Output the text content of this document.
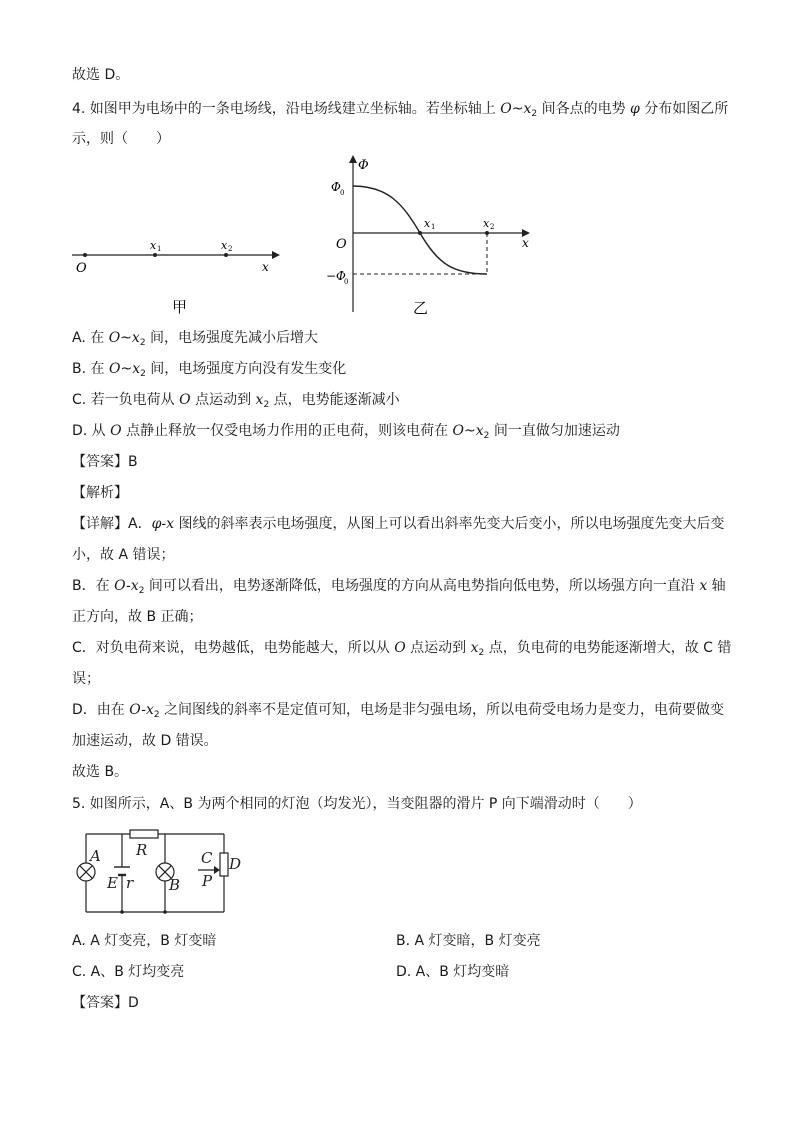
故选 D。
4. 如图甲为电场中的一条电场线，沿电场线建立坐标轴。若坐标轴上 $O\sim x_2$ 间各点的电势 φ 分布如图乙所
示，则（　　）
O
x 1	x 2
x
甲
Φ
Φ 0
O
−Φ
0
x 1	x 2
x
乙
A. 在 $O\sim x_2$ 间，电场强度先减小后增大
B. 在 $O\sim x_2$ 间，电场强度方向没有发生变化
C. 若一负电荷从 O 点运动到 $x_2$ 点，电势能逐渐减小
D. 从 O 点静止释放一仅受电场力作用的正电荷，则该电荷在 $O\sim x_2$ 间一直做匀加速运动
【答案】B
【解析】
【详解】A．φ-x 图线的斜率表示电场强度，从图上可以看出斜率先变大后变小，所以电场强度先变大后变
小，故 A 错误；
B．在 $O-x_2$ 间可以看出，电势逐渐降低，电场强度的方向从高电势指向低电势，所以场强方向一直沿 x 轴
正方向，故 B 正确；
C．对负电荷来说，电势越低，电势能越大，所以从 O 点运动到 $x_2$ 点，负电荷的电势能逐渐增大，故 C 错
误；
D．由在 $O-x_2$ 之间图线的斜率不是定值可知，电场是非匀强电场，所以电荷受电场力是变力，电荷要做变
加速运动，故 D 错误。
故选 B。
5. 如图所示，A、B 为两个相同的灯泡（均发光），当变阻器的滑片 P 向下端滑动时（　　）
A R
E r B
C
P
D
A. A 灯变亮，B 灯变暗	B. A 灯变暗，B 灯变亮
C. A、B 灯均变亮	D. A、B 灯均变暗
【答案】D
